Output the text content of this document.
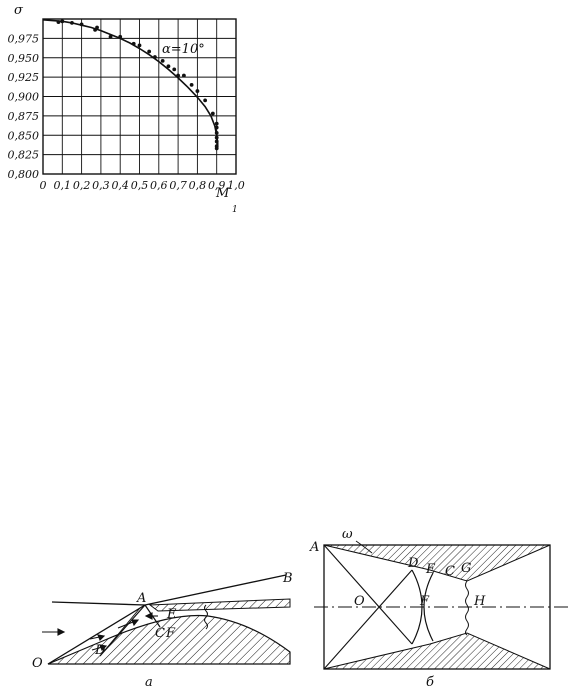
0,975
0,950
0,925
0,900
0,875
0,850
0,825
0,800
0 0,1 0,2 0,3 0,4 0,5 0,6 0,7 0,8 0,9 1,0
σ
M
1
α=10°
A
B
O
D
E
C F
а
A
ω
D E C G
O	F	H
б
